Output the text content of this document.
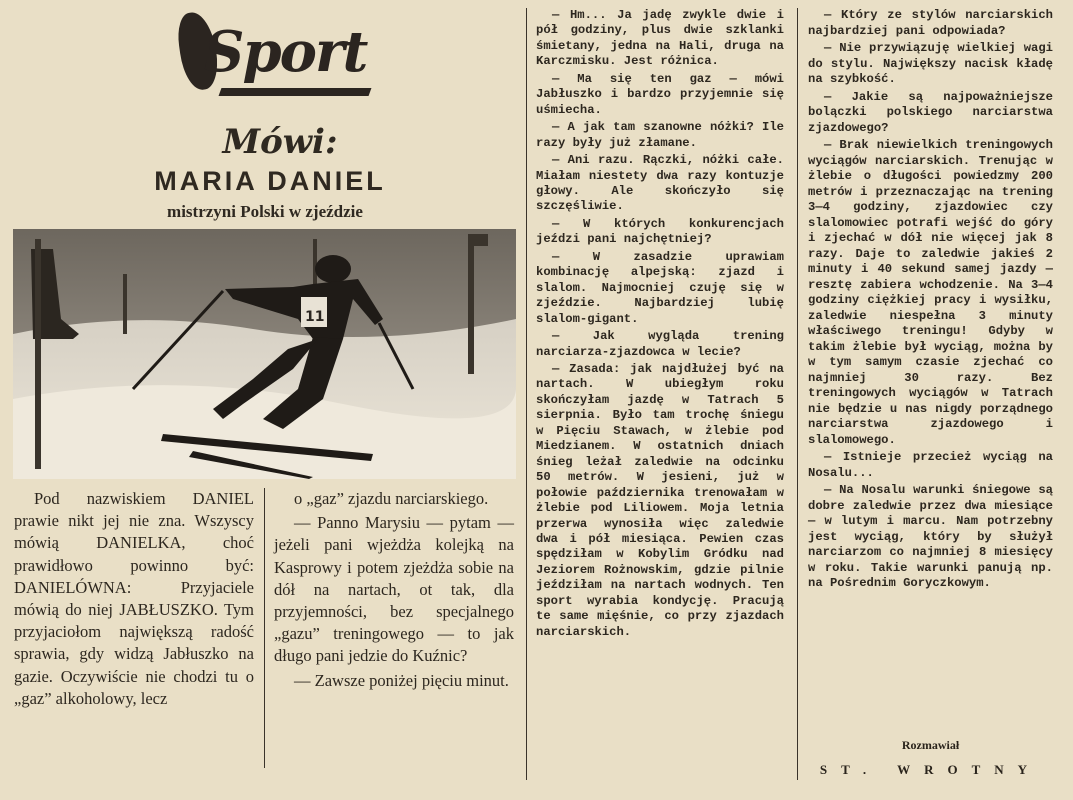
Sport
Mówi:
MARIA DANIEL
mistrzyni Polski w zjeździe
11

Pod nazwiskiem DANIEL prawie nikt jej nie zna. Wszyscy mówią DANIELKA, choć prawidłowo powinno być: DANIELÓWNA: Przyjaciele mówią do niej JABŁUSZKO. Tym przyjaciołom największą radość sprawia, gdy widzą Jabłuszko na gazie. Oczywiście nie chodzi tu o „gaz” alkoholowy, lecz

o „gaz” zjazdu narciarskiego.

— Panno Marysiu — pytam — jeżeli pani wjeżdża kolejką na Kasprowy i potem zjeżdża sobie na dół na nartach, ot tak, dla przyjemności, bez specjalnego „gazu” treningowego — to jak długo pani jedzie do Kuźnic?

— Zawsze poniżej pięciu minut.

— Hm... Ja jadę zwykle dwie i pół godziny, plus dwie szklanki śmietany, jedna na Hali, druga na Karczmisku. Jest różnica.

— Ma się ten gaz — mówi Jabłuszko i bardzo przyjemnie się uśmiecha.

— A jak tam szanowne nóżki? Ile razy były już złamane.

— Ani razu. Rączki, nóżki całe. Miałam niestety dwa razy kontuzje głowy. Ale skończyło się szczęśliwie.

— W których konkurencjach jeździ pani najchętniej?

— W zasadzie uprawiam kombinację alpejską: zjazd i slalom. Najmocniej czuję się w zjeździe. Najbardziej lubię slalom-gigant.

— Jak wygląda trening narciarza-zjazdowca w lecie?

— Zasada: jak najdłużej być na nartach. W ubiegłym roku skończyłam jazdę w Tatrach 5 sierpnia. Było tam trochę śniegu w Pięciu Stawach, w żlebie pod Miedzianem. W ostatnich dniach śnieg leżał zaledwie na odcinku 50 metrów. W jesieni, już w połowie października trenowałam w żlebie pod Liliowem. Moja letnia przerwa wynosiła więc zaledwie dwa i pół miesiąca. Pewien czas spędziłam w Kobylim Gródku nad Jeziorem Rożnowskim, gdzie pilnie jeździłam na nartach wodnych. Ten sport wyrabia kondycję. Pracują te same mięśnie, co przy zjazdach narciarskich.

— Który ze stylów narciarskich najbardziej pani odpowiada?

— Nie przywiązuję wielkiej wagi do stylu. Największy nacisk kładę na szybkość.

— Jakie są najpoważniejsze bolączki polskiego narciarstwa zjazdowego?

— Brak niewielkich treningowych wyciągów narciarskich. Trenując w żlebie o długości powiedzmy 200 metrów i przeznaczając na trening 3—4 godziny, zjazdowiec czy slalomowiec potrafi wejść do góry i zjechać w dół nie więcej jak 8 razy. Daje to zaledwie jakieś 2 minuty i 40 sekund samej jazdy — resztę zabiera wchodzenie. Na 3—4 godziny ciężkiej pracy i wysiłku, zaledwie niespełna 3 minuty właściwego treningu! Gdyby w takim żlebie był wyciąg, można by w tym samym czasie zjechać co najmniej 30 razy. Bez treningowych wyciągów w Tatrach nie będzie u nas nigdy porządnego narciarstwa zjazdowego i slalomowego.

— Istnieje przecież wyciąg na Nosalu...

— Na Nosalu warunki śniegowe są dobre zaledwie przez dwa miesiące — w lutym i marcu. Nam potrzebny jest wyciąg, który by służył narciarzom co najmniej 8 miesięcy w roku. Takie warunki panują np. na Pośrednim Goryczkowym.

Rozmawiał
ST. WROTNY
